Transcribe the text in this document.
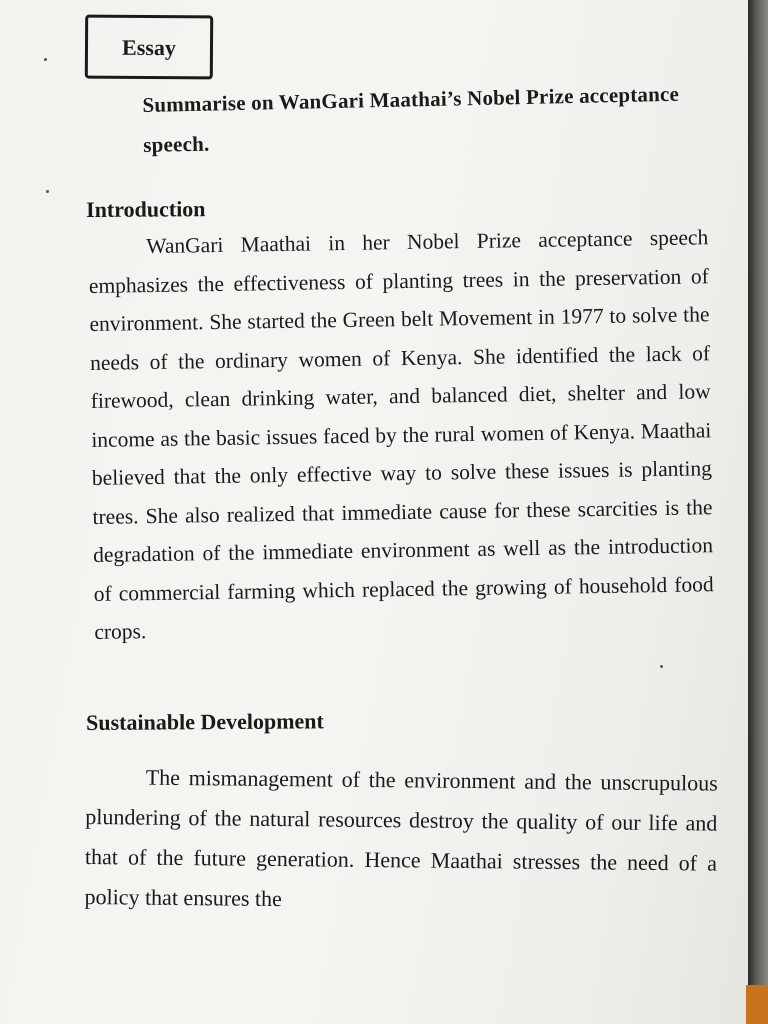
Essay
Summarise on WanGari Maathai’s Nobel Prize acceptance speech.
Introduction
WanGari Maathai in her Nobel Prize acceptance speech emphasizes the effectiveness of planting trees in the preservation of environment. She started the Green belt Movement in 1977 to solve the needs of the ordinary women of Kenya. She identified the lack of firewood, clean drinking water, and balanced diet, shelter and low income as the basic issues faced by the rural women of Kenya. Maathai believed that the only effective way to solve these issues is planting trees. She also realized that immediate cause for these scarcities is the degradation of the immediate environment as well as the introduction of commercial farming which replaced the growing of household food crops.
Sustainable Development
The mismanagement of the environment and the unscrupulous plundering of the natural resources destroy the quality of our life and that of the future generation. Hence Maathai stresses the need of a policy that ensures the
